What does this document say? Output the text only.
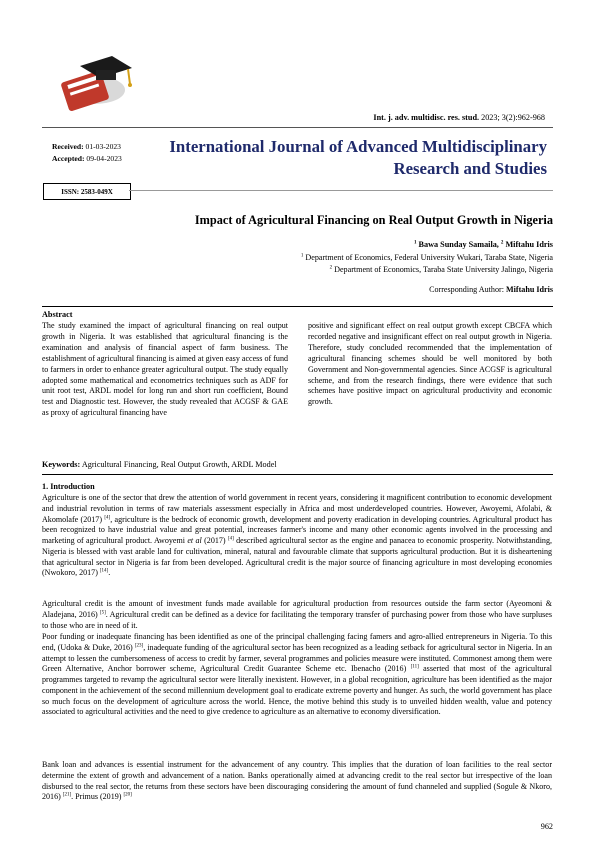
Int. j. adv. multidisc. res. stud. 2023; 3(2):962-968
Received: 01-03-2023
Accepted: 09-04-2023
International Journal of Advanced Multidisciplinary
Research and Studies
ISSN: 2583-049X
Impact of Agricultural Financing on Real Output Growth in Nigeria
$^1$ Bawa Sunday Samaila, $^2$ Miftahu Idris
$^1$ Department of Economics, Federal University Wukari, Taraba State, Nigeria
$^2$ Department of Economics, Taraba State University Jalingo, Nigeria
Corresponding Author: Miftahu Idris
Abstract

The study examined the impact of agricultural financing on real output growth in Nigeria. It was established that agricultural financing is the examination and analysis of financial aspect of farm business. The establishment of agricultural financing is aimed at given easy access of fund to farmers in order to enhance greater agricultural output. The study equally adopted some mathematical and econometrics techniques such as ADF for unit root test, ARDL model for long run and short run coefficient, Bound test and Diagnostic test. However, the study revealed that ACGSF & GAE as proxy of agricultural financing have

positive and significant effect on real output growth except CBCFA which recorded negative and insignificant effect on real output growth in Nigeria. Therefore, study concluded recommended that the implementation of agricultural financing schemes should be well monitored by both Government and Non-governmental agencies. Since ACGSF is agricultural scheme, and from the research findings, there were evidence that such schemes have positive impact on agricultural productivity and economic growth.

Keywords: Agricultural Financing, Real Output Growth, ARDL Model
1. Introduction

Agriculture is one of the sector that drew the attention of world government in recent years, considering it magnificent contribution to economic development and industrial revolution in terms of raw materials assessment especially in Africa and most underdeveloped countries. However, Awoyemi, Afolabi, & Akomolafe (2017) [4], agriculture is the bedrock of economic growth, development and poverty eradication in developing countries. Agricultural product has been recognized to have industrial value and great potential, increases farmer's income and many other economic agents involved in the processing and marketing of agricultural product. Awoyemi et al (2017) [4] described agricultural sector as the engine and panacea to economic prosperity. Notwithstanding, Nigeria is blessed with vast arable land for cultivation, mineral, natural and favourable climate that supports agricultural production. But it is disheartening that agricultural sector in Nigeria is far from been developed. Agricultural credit is the major source of financing agriculture in most developing economies (Nwokoro, 2017) [14].

Agricultural credit is the amount of investment funds made available for agricultural production from resources outside the farm sector (Ayeomoni & Aladejana, 2016) [5]. Agricultural credit can be defined as a device for facilitating the temporary transfer of purchasing power from those who have surpluses to those who are in need of it.

Poor funding or inadequate financing has been identified as one of the principal challenging facing famers and agro-allied entrepreneurs in Nigeria. To this end, (Udoka & Duke, 2016) [23], inadequate funding of the agricultural sector has been recognized as a leading setback for agricultural sector in Nigeria. In an attempt to lessen the cumbersomeness of access to credit by farmer, several programmes and policies measure were instituted. Commonest among them were Green Alternative, Anchor borrower scheme, Agricultural Credit Guarantee Scheme etc. Ibenacho (2016) [11] asserted that most of the agricultural programmes targeted to revamp the agricultural sector were literally inexistent. However, in a global recognition, agriculture has been identified as the major component in the achievement of the second millennium development goal to eradicate extreme poverty and hunger. As such, the world government has place so much focus on the development of agriculture across the world. Hence, the motive behind this study is to unveiled hidden wealth, value and potency associated to agricultural activities and the need to give credence to agriculture as an alternative to economy diversification.

Bank loan and advances is essential instrument for the advancement of any country. This implies that the duration of loan facilities to the real sector determine the extent of growth and advancement of a nation. Banks operationally aimed at advancing credit to the real sector but irrespective of the loan disbursed to the real sector, the returns from these sectors have been discouraging considering the amount of fund channeled and supplied (Sogule & Nkoro, 2016) [21]. Primus (2019) [20]

962
